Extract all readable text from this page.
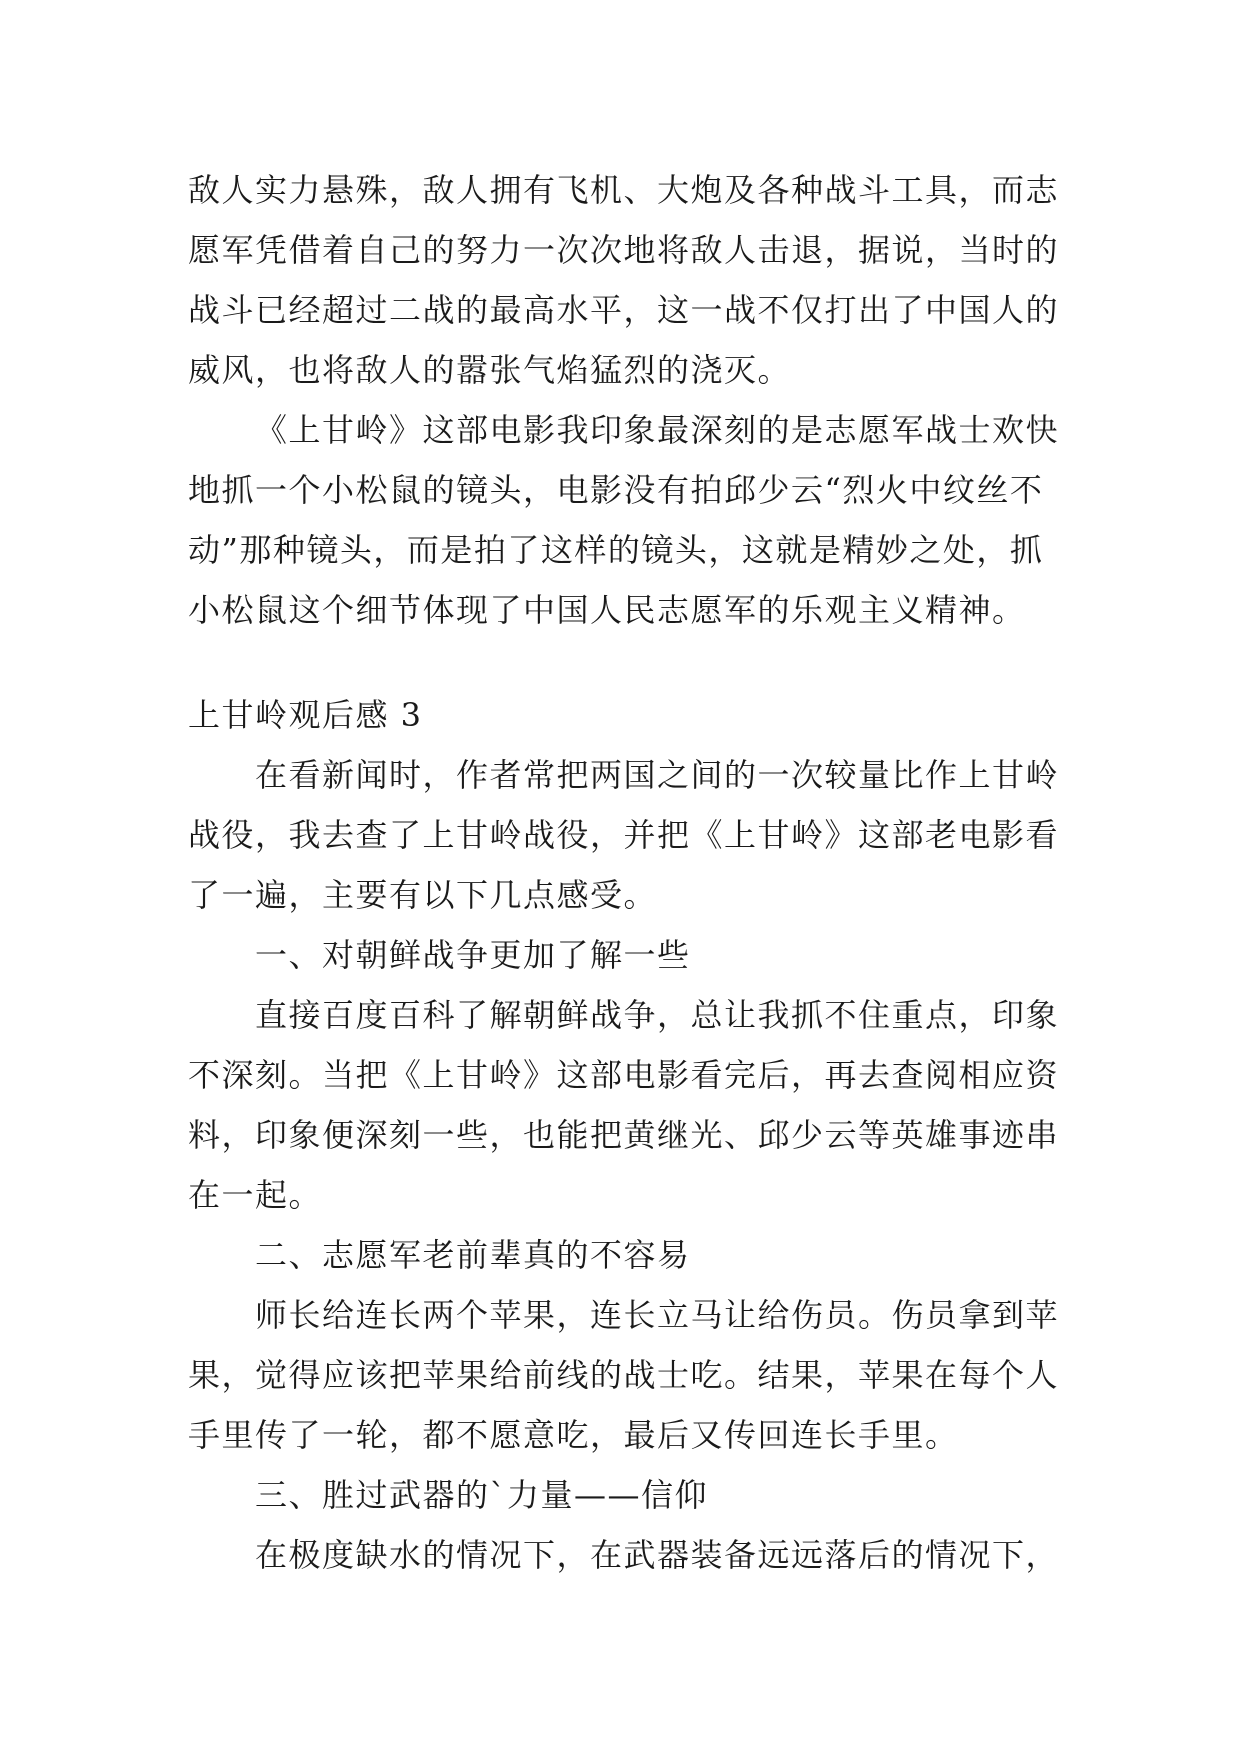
敌人实力悬殊，敌人拥有飞机、大炮及各种战斗工具，而志
愿军凭借着自己的努力一次次地将敌人击退，据说，当时的
战斗已经超过二战的最高水平，这一战不仅打出了中国人的
威风，也将敌人的嚣张气焰猛烈的浇灭。
《上甘岭》这部电影我印象最深刻的是志愿军战士欢快
地抓一个小松鼠的镜头，电影没有拍邱少云“烈火中纹丝不
动”那种镜头，而是拍了这样的镜头，这就是精妙之处，抓
小松鼠这个细节体现了中国人民志愿军的乐观主义精神。
上甘岭观后感 3
在看新闻时，作者常把两国之间的一次较量比作上甘岭
战役，我去查了上甘岭战役，并把《上甘岭》这部老电影看
了一遍，主要有以下几点感受。
一、对朝鲜战争更加了解一些
直接百度百科了解朝鲜战争，总让我抓不住重点，印象
不深刻。当把《上甘岭》这部电影看完后，再去查阅相应资
料，印象便深刻一些，也能把黄继光、邱少云等英雄事迹串
在一起。
二、志愿军老前辈真的不容易
师长给连长两个苹果，连长立马让给伤员。伤员拿到苹
果，觉得应该把苹果给前线的战士吃。结果，苹果在每个人
手里传了一轮，都不愿意吃，最后又传回连长手里。
三、胜过武器的`力量——信仰
在极度缺水的情况下，在武器装备远远落后的情况下，
